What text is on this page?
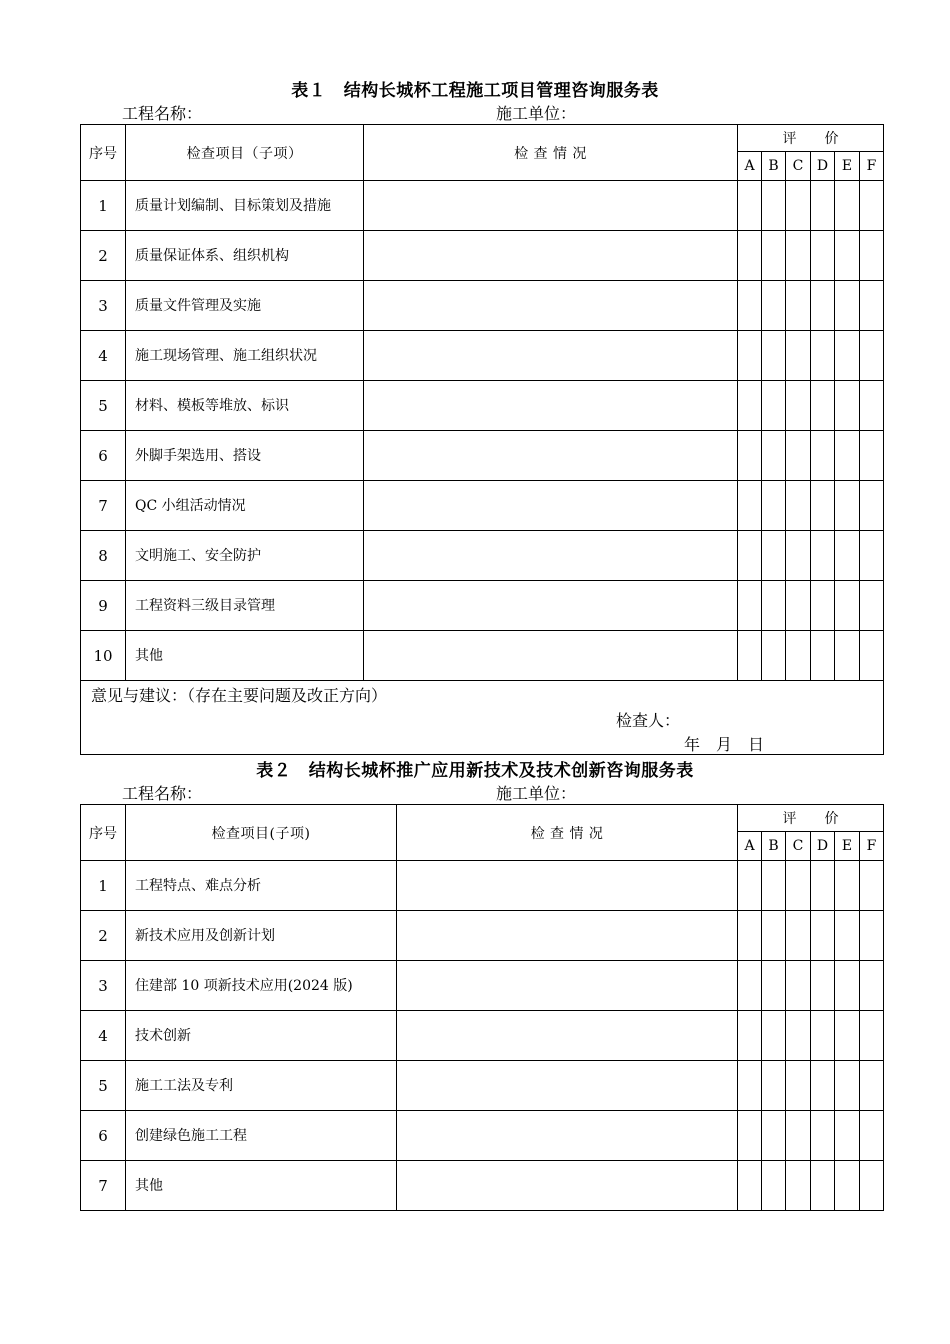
表１　结构长城杯工程施工项目管理咨询服务表
工程名称：	施工单位：
序号	检查项目（子项）	检 查 情 况	评　　价					
			A	B	C	D	E	F
1	质量计划编制、目标策划及措施							
2	质量保证体系、组织机构							
3	质量文件管理及实施							
4	施工现场管理、施工组织状况							
5	材料、模板等堆放、标识							
6	外脚手架选用、搭设							
7	QC 小组活动情况							
8	文明施工、安全防护							
9	工程资料三级目录管理							
10	其他							

意见与建议：（存在主要问题及改正方向）
检查人：
年　月　日								
表２　结构长城杯推广应用新技术及技术创新咨询服务表
工程名称：	施工单位：
序号	检查项目(子项)	检 查 情 况	评　　价					
			A	B	C	D	E	F
1	工程特点、难点分析							
2	新技术应用及创新计划							
3	住建部 10 项新技术应用(2024 版)							
4	技术创新							
5	施工工法及专利							
6	创建绿色施工工程							
7	其他							
